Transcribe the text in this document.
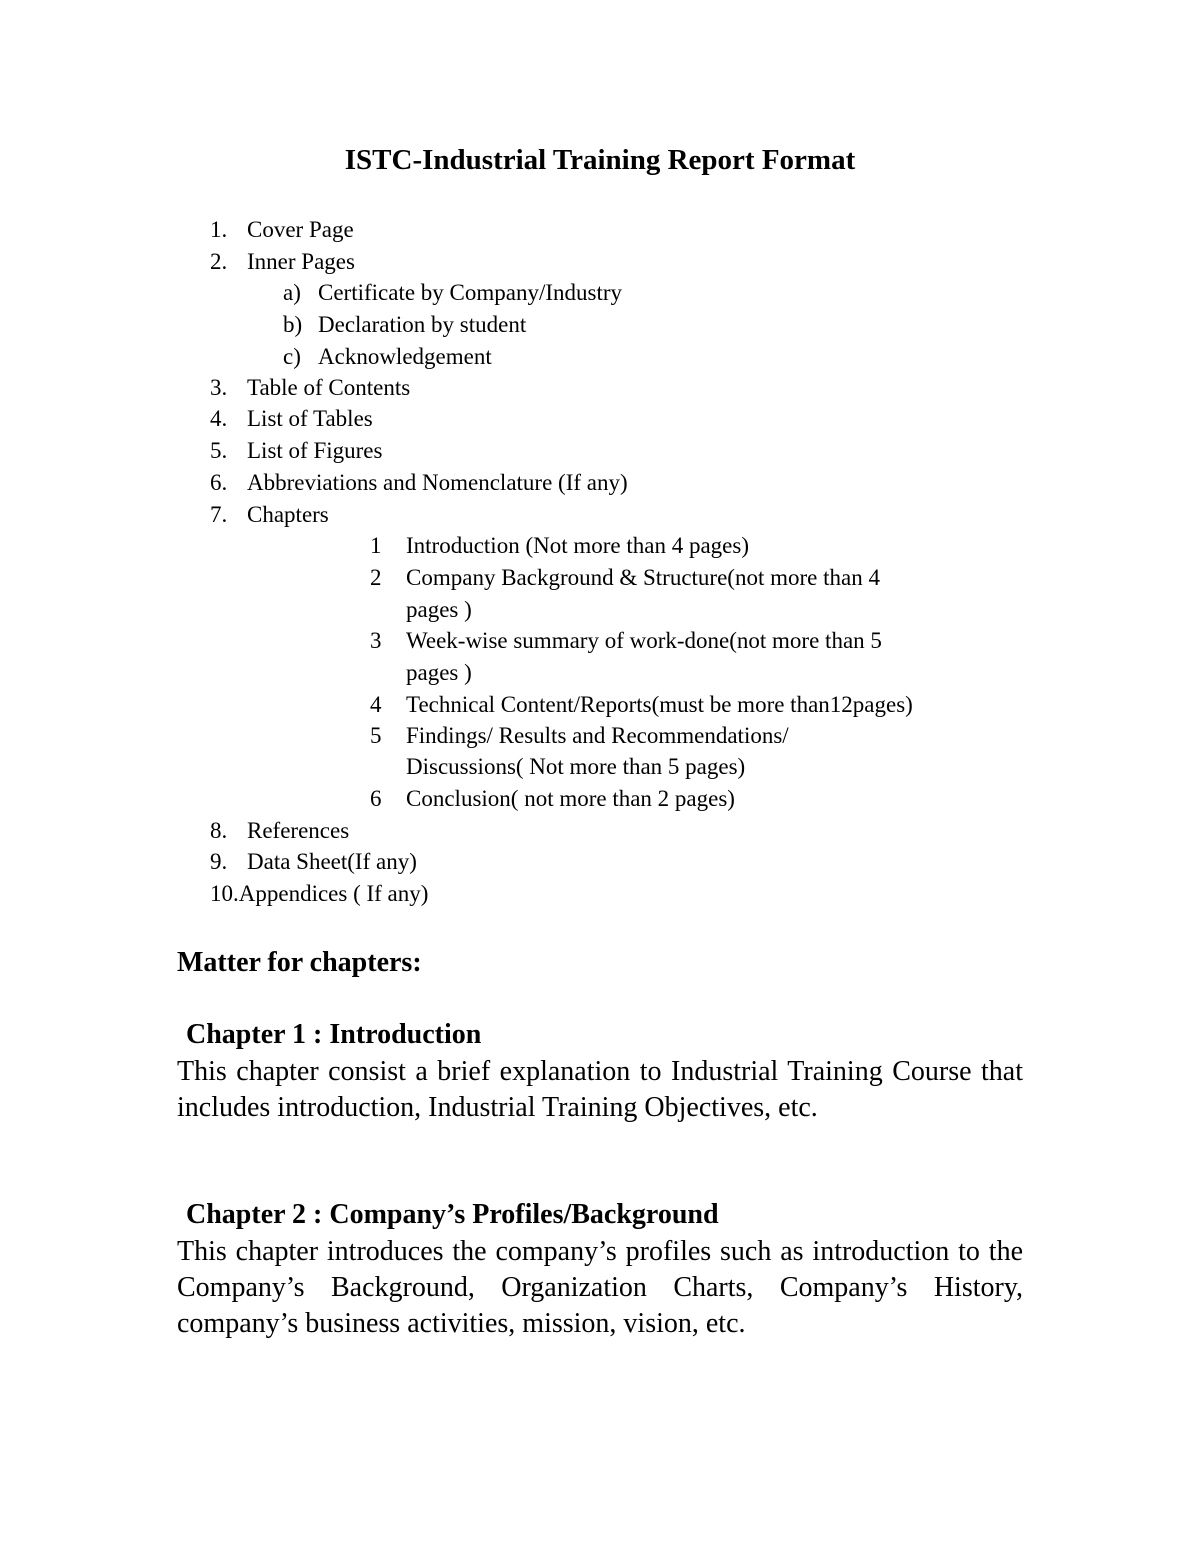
ISTC-Industrial Training Report Format
1. Cover Page
2. Inner Pages
a) Certificate by Company/Industry
b) Declaration by student
c) Acknowledgement
3. Table of Contents
4. List of Tables
5. List of Figures
6. Abbreviations and Nomenclature (If any)
7. Chapters
1 Introduction (Not more than 4 pages)
2 Company Background & Structure(not more than 4
pages )
3 Week-wise summary of work-done(not more than 5
pages )
4 Technical Content/Reports(must be more than12pages)
5 Findings/ Results and Recommendations/
Discussions( Not more than 5 pages)
6 Conclusion( not more than 2 pages)
8. References
9. Data Sheet(If any)
10.Appendices ( If any)
Matter for chapters:
Chapter 1 : Introduction
This chapter consist a brief explanation to Industrial Training Course that includes introduction, Industrial Training Objectives, etc.
Chapter 2 : Company’s Profiles/Background
This chapter introduces the company’s profiles such as introduction to the Company’s Background, Organization Charts, Company’s History, company’s business activities, mission, vision, etc.
